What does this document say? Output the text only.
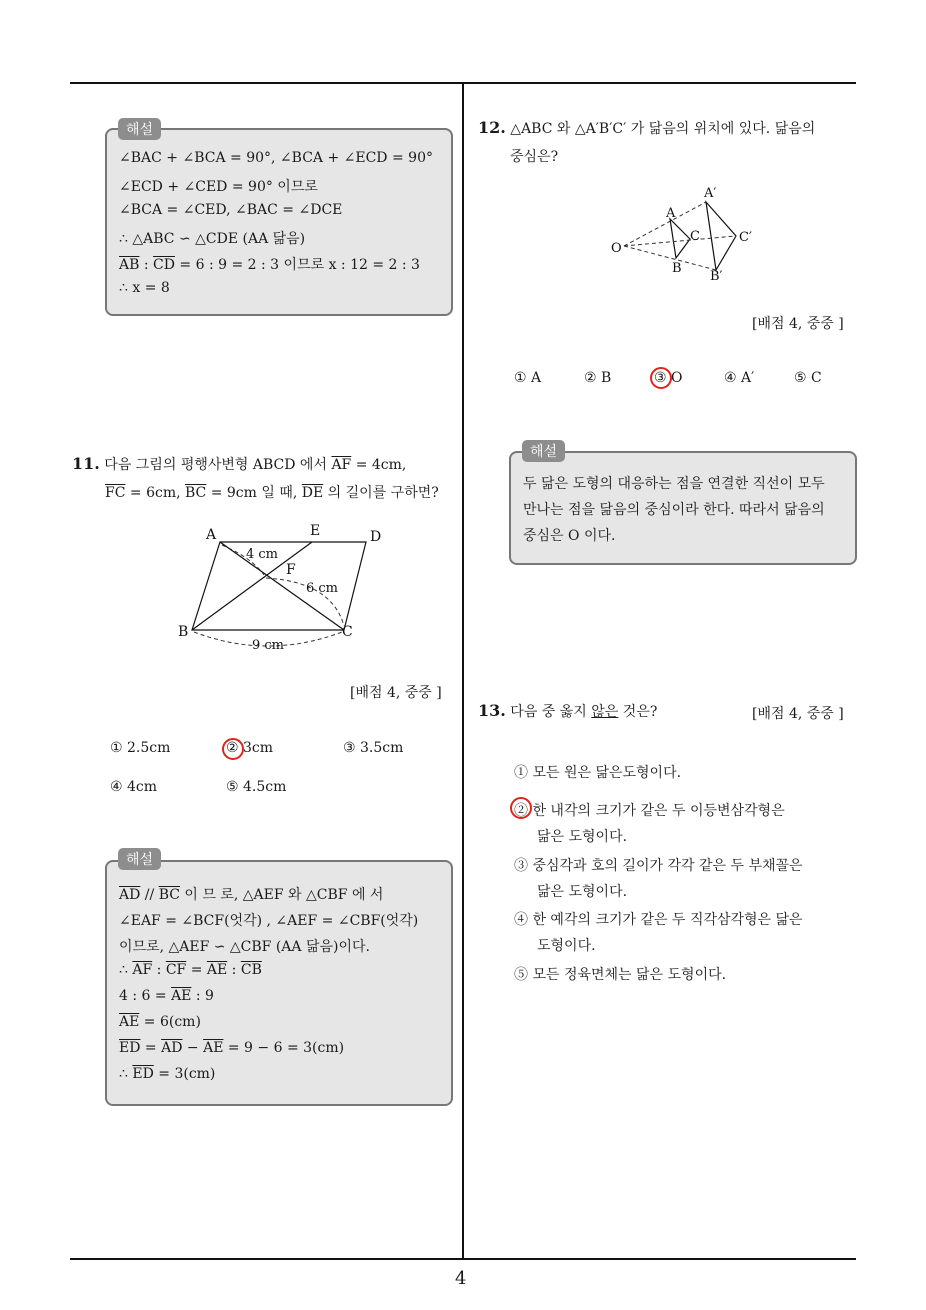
4
∠BAC + ∠BCA = 90°, ∠BCA + ∠ECD = 90°
∠ECD + ∠CED = 90° 이므로
∠BCA = ∠CED, ∠BAC = ∠DCE
∴ △ABC ∽ △CDE (AA 닮음)
$\overline{AB}$ : $\overline{CD} = 6$ : 9 = 2 : 3 이므로 x : 12 = 2 : 3
∴ x = 8
해설
11. 다음 그림의 평행사변형 ABCD 에서 $\overline{AF} = 4cm$,
$\overline{FC} = 6cm$, $\overline{BC} = 9cm$ 일 때, $\overline{DE}$ 의 길이를 구하면?
A	E	D
F
B	C
4 cm
6 cm
9 cm
[배점 4, 중중 ]
① 2.5cm	② 3cm	③ 3.5cm
④ 4cm	⑤ 4.5cm
$\overline{AD} // \overline{BC}$ 이 므 로, △AEF 와 △CBF 에 서
∠EAF = ∠BCF(엇각) , ∠AEF = ∠CBF(엇각)
이므로, △AEF ∽ △CBF (AA 닮음)이다.
∴ $\overline{AF}$ : $\overline{CF} = \overline{AE}$ : $\overline{CB}$
4 : $6 = \overline{AE}$ : 9
$\overline{AE} = 6(cm)$
$\overline{ED} = \overline{AD} - \overline{AE} = 9 - 6 = 3(cm)$
∴ $\overline{ED} = 3(cm)$
해설
12. △ABC 와 △A′B′C′ 가 닮음의 위치에 있다. 닮음의
중심은?
O
A
B
C
A′
B′
C′
[배점 4, 중중 ]
① A	② B	③ O	④ A′	⑤ C
두 닮은 도형의 대응하는 점을 연결한 직선이 모두
만나는 점을 닮음의 중심이라 한다. 따라서 닮음의
중심은 O 이다.
해설
13. 다음 중 옳지 않은 것은?	[배점 4, 중중 ]
① 모든 원은 닮은도형이다.
② 한 내각의 크기가 같은 두 이등변삼각형은
닮은 도형이다.
③ 중심각과 호의 길이가 각각 같은 두 부채꼴은
닮은 도형이다.
④ 한 예각의 크기가 같은 두 직각삼각형은 닮은
도형이다.
⑤ 모든 정육면체는 닮은 도형이다.
